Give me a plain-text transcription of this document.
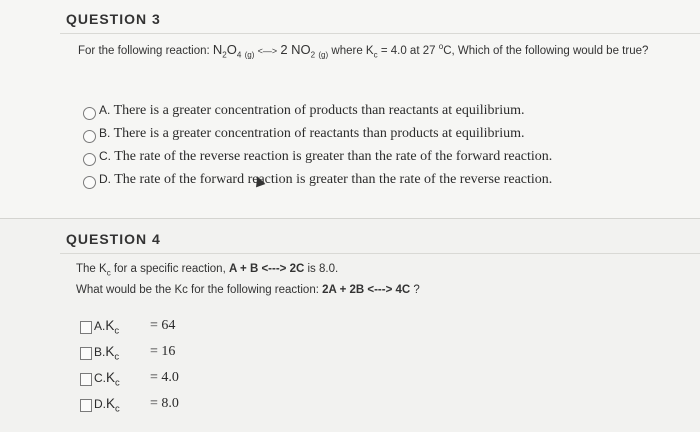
QUESTION 3
For the following reaction: $N_2O_4$ $_{(g)}$ <—> 2 $NO_2$ $_{(g)}$ where $K_c = 4.0$ at 27 $^o$C, Which of the following would be true?
A. There is a greater concentration of products than reactants at equilibrium.
B. There is a greater concentration of reactants than products at equilibrium.
C. The rate of the reverse reaction is greater than the rate of the forward reaction.
D. The rate of the forward reaction is greater than the rate of the reverse reaction.
QUESTION 4
The $K_c$ for a specific reaction, A + B <---> 2C is 8.0.
What would be the Kc for the following reaction: 2A + 2B <---> 4C ?
$A.K_c = 64$
$B.K_c = 16$
$C.K_c = 4.0$
$D.K_c = 8.0$
